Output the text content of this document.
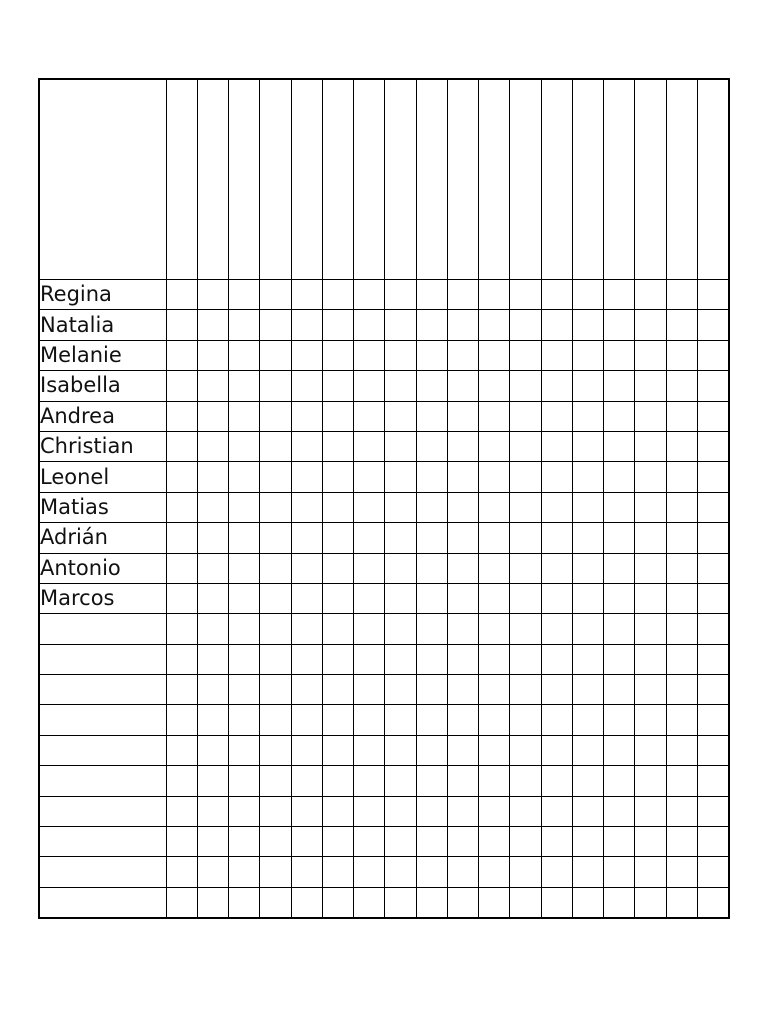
Regina																		
Natalia																		
Melanie																		
Isabella																		
Andrea																		
Christian																		
Leonel																		
Matias																		
Adrián																		
Antonio																		
Marcos																		
